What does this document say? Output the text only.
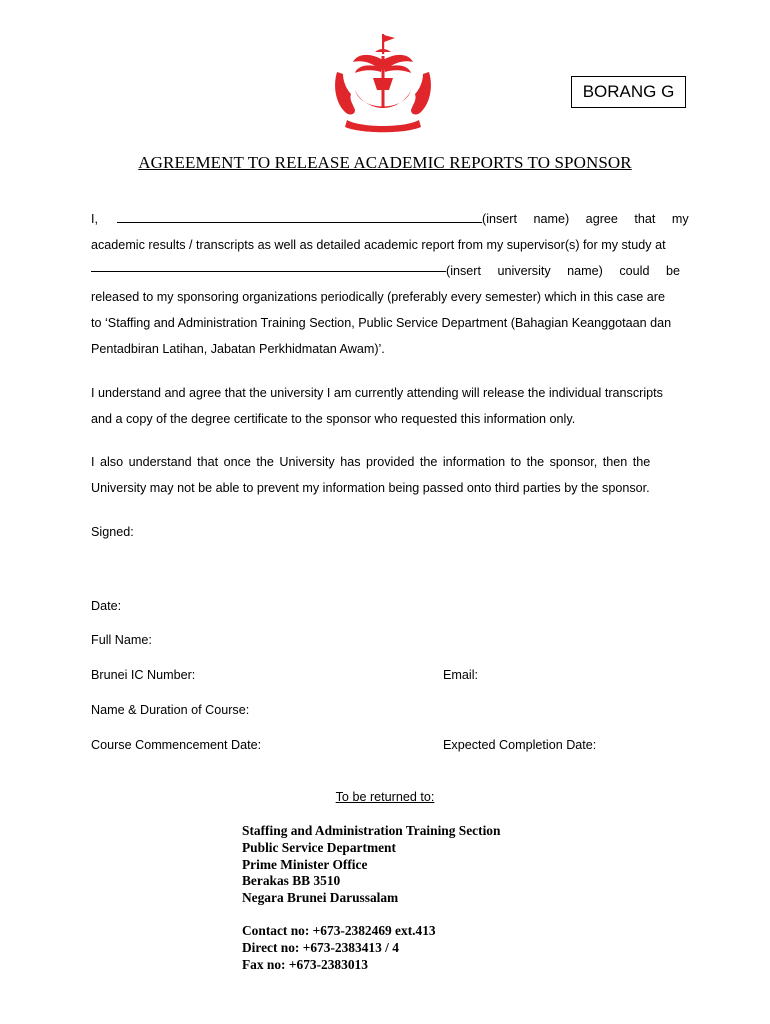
BORANG G
AGREEMENT TO RELEASE ACADEMIC REPORTS TO SPONSOR
I,	(insert name) agree that my
academic results / transcripts as well as detailed academic report from my supervisor(s) for my study at
(insert university name) could be
released to my sponsoring organizations periodically (preferably every semester) which in this case are
to ‘Staffing and Administration Training Section, Public Service Department (Bahagian Keanggotaan dan
Pentadbiran Latihan, Jabatan Perkhidmatan Awam)’.
I understand and agree that the university I am currently attending will release the individual transcripts
and a copy of the degree certificate to the sponsor who requested this information only.
I also understand that once the University has provided the information to the sponsor, then the
University may not be able to prevent my information being passed onto third parties by the sponsor.
Signed:
Date:
Full Name:
Brunei IC Number:	Email:
Name & Duration of Course:
Course Commencement Date:	Expected Completion Date:
To be returned to:
Staffing and Administration Training Section
Public Service Department
Prime Minister Office
Berakas BB 3510
Negara Brunei Darussalam
Contact no: +673-2382469 ext.413
Direct no: +673-2383413 / 4
Fax no: +673-2383013
